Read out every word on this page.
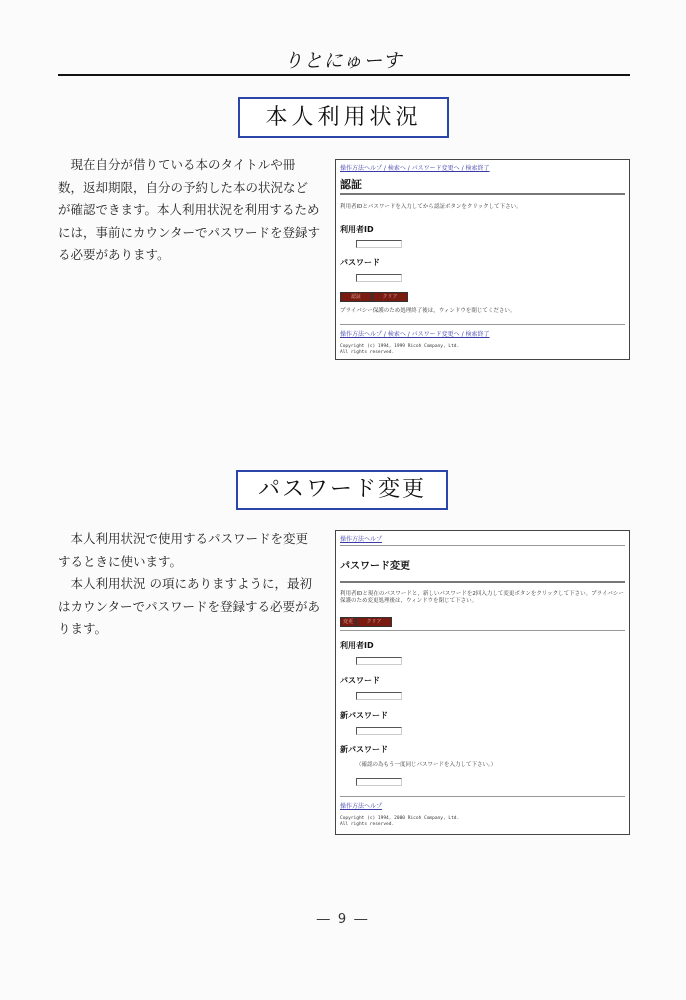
りとにゅーす
本人利用状況
現在自分が借りている本のタイトルや冊数，返却期限，自分の予約した本の状況などが確認できます。本人利用状況を利用するためには，事前にカウンターでパスワードを登録する必要があります。
操作方法ヘルプ / 検索へ / パスワード変更へ / 検索終了
認証
利用者IDとパスワードを入力してから認証ボタンをクリックして下さい。
利用者ID
パスワード
認証	クリア
プライバシー保護のため処理終了後は，ウィンドウを閉じてください。
操作方法ヘルプ / 検索へ / パスワード変更へ / 検索終了
Copyright (c) 1994, 1999 Ricoh Company, Ltd.
All rights reserved.
パスワード変更

本人利用状況で使用するパスワードを変更するときに使います。

本人利用状況 の項にありますように，最初はカウンターでパスワードを登録する必要があります。

操作方法ヘルプ
パスワード変更
利用者IDと現在のパスワードと，新しいパスワードを2回入力して変更ボタンをクリックして下さい。プライバシー保護のため変更処理後は，ウィンドウを閉じて下さい。
変更	クリア
利用者ID
パスワード
新パスワード
新パスワード
（確認の為もう一度同じパスワードを入力して下さい。）
操作方法ヘルプ
Copyright (c) 1994, 2000 Ricoh Company, Ltd.
All rights reserved.
― 9 ―
